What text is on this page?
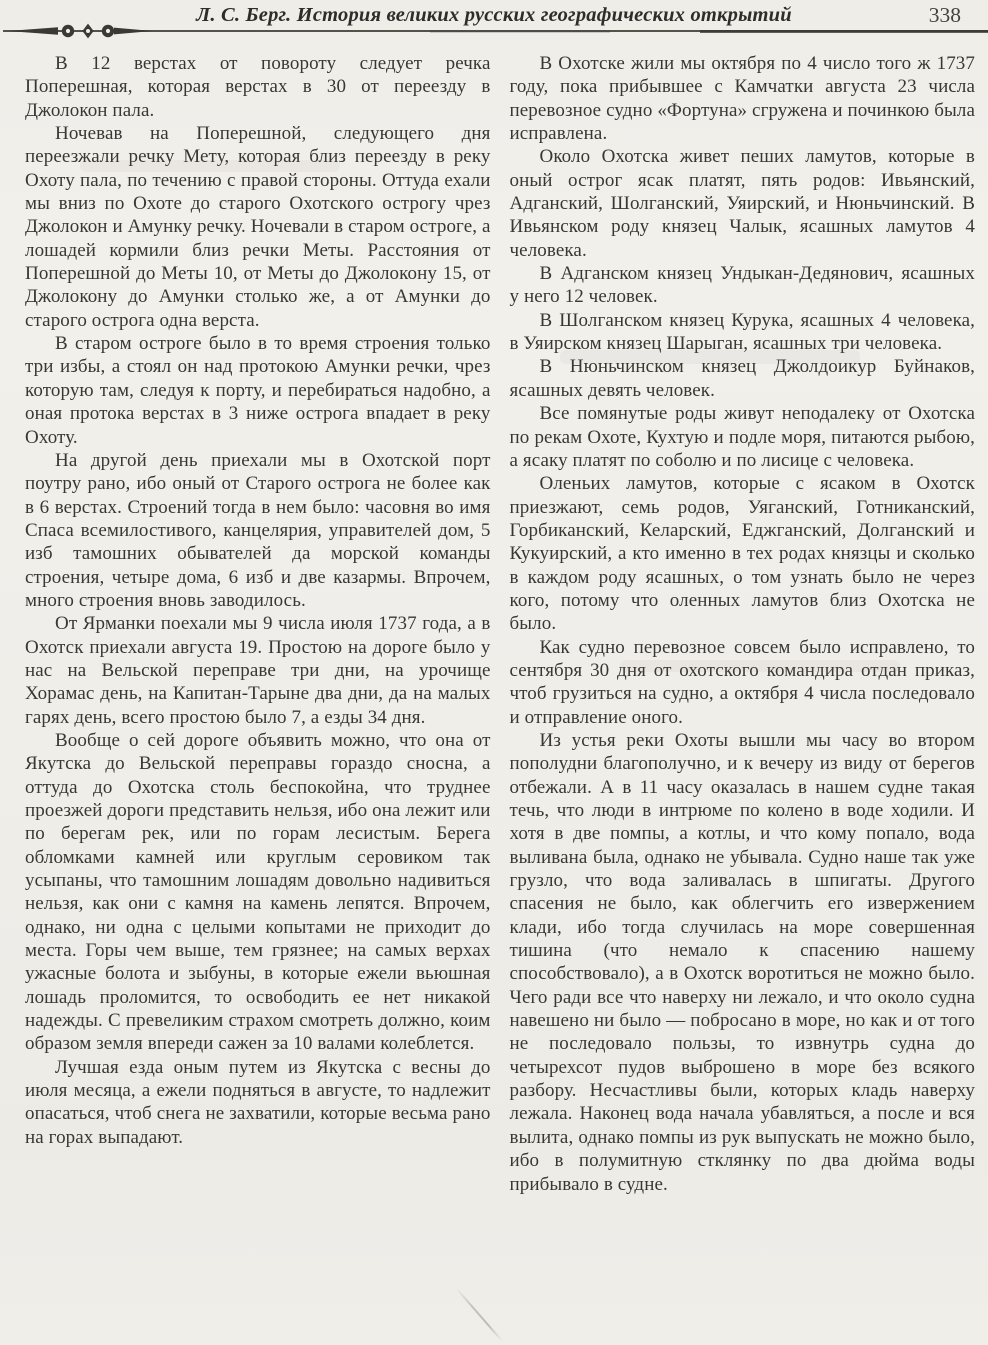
Л. С. Берг. История великих русских географических открытий	338

В 12 верстах от повороту следует речка Поперешная, которая верстах в 30 от переезду в Джолокон пала.

Ночевав на Поперешной, следующего дня переезжали речку Мету, которая близ переезду в реку Охоту пала, по течению с правой стороны. Оттуда ехали мы вниз по Охоте до старого Охотского острогу чрез Джолокон и Амунку речку. Ночевали в старом остроге, а лошадей кормили близ речки Меты. Расстояния от Поперешной до Меты 10, от Меты до Джолокону 15, от Джолокону до Амунки столько же, а от Амунки до старого острога одна верста.

В старом остроге было в то время строения только три избы, а стоял он над протокою Амунки речки, чрез которую там, следуя к порту, и перебираться надобно, а оная протока верстах в 3 ниже острога впадает в реку Охоту.

На другой день приехали мы в Охотской порт поутру рано, ибо оный от Старого острога не более как в 6 верстах. Строений тогда в нем было: часовня во имя Спаса всемилостивого, канцелярия, управителей дом, 5 изб тамошних обывателей да морской команды строения, четыре дома, 6 изб и две казармы. Впрочем, много строения вновь заводилось.

От Ярманки поехали мы 9 числа июля 1737 года, а в Охотск приехали августа 19. Простою на дороге было у нас на Вельской переправе три дни, на урочище Хорамас день, на Капитан-Тарыне два дни, да на малых гарях день, всего простою было 7, а езды 34 дня.

Вообще о сей дороге объявить можно, что она от Якутска до Вельской переправы гораздо сносна, а оттуда до Охотска столь беспокойна, что труднее проезжей дороги представить нельзя, ибо она лежит или по берегам рек, или по горам лесистым. Берега обломками камней или круглым серовиком так усыпаны, что тамошним лошадям довольно надивиться нельзя, как они с камня на камень лепятся. Впрочем, однако, ни одна с целыми копытами не приходит до места. Горы чем выше, тем грязнее; на самых верхах ужасные болота и зыбуны, в которые ежели вьюшная лошадь проломится, то освободить ее нет никакой надежды. С превеликим страхом смотреть должно, коим образом земля впереди сажен за 10 валами колеблется.

Лучшая езда оным путем из Якутска с весны до июля месяца, а ежели подняться в августе, то надлежит опасаться, чтоб снега не захватили, которые весьма рано на горах выпадают.

В Охотске жили мы октября по 4 число того ж 1737 году, пока прибывшее с Камчатки августа 23 числа перевозное судно «Фортуна» сгружена и починкою была исправлена.

Около Охотска живет пеших ламутов, которые в оный острог ясак платят, пять родов: Ивьянский, Адганский, Шолганский, Уяирский, и Нюньчинский. В Ивьянском роду князец Чалык, ясашных ламутов 4 человека.

В Адганском князец Ундыкан-Дедянович, ясашных у него 12 человек.

В Шолганском князец Курука, ясашных 4 человека, в Уяирском князец Шарыган, ясашных три человека.

В Нюньчинском князец Джолдоикур Буйнаков, ясашных девять человек.

Все помянутые роды живут неподалеку от Охотска по рекам Охоте, Кухтую и подле моря, питаются рыбою, а ясаку платят по соболю и по лисице с человека.

Оленьих ламутов, которые с ясаком в Охотск приезжают, семь родов, Уяганский, Готниканский, Горбиканский, Келарский, Еджганский, Долганский и Кукуирский, а кто именно в тех родах князцы и сколько в каждом роду ясашных, о том узнать было не через кого, потому что оленных ламутов близ Охотска не было.

Как судно перевозное совсем было исправлено, то сентября 30 дня от охотского командира отдан приказ, чтоб грузиться на судно, а октября 4 числа последовало и отправление оного.

Из устья реки Охоты вышли мы часу во втором пополудни благополучно, и к вечеру из виду от берегов отбежали. А в 11 часу оказалась в нашем судне такая течь, что люди в интрюме по колено в воде ходили. И хотя в две помпы, а котлы, и что кому попало, вода выливана была, однако не убывала. Судно наше так уже грузло, что вода заливалась в шпигаты. Другого спасения не было, как облегчить его извержением клади, ибо тогда случилась на море совершенная тишина (что немало к спасению нашему способствовало), а в Охотск воротиться не можно было. Чего ради все что наверху ни лежало, и что около судна навешено ни было — побросано в море, но как и от того не последовало пользы, то извнутрь судна до четырехсот пудов выброшено в море без всякого разбору. Несчастливы были, которых кладь наверху лежала. Наконец вода начала убавляться, а после и вся вылита, однако помпы из рук выпускать не можно было, ибо в полумитную стклянку по два дюйма воды прибывало в судне.
